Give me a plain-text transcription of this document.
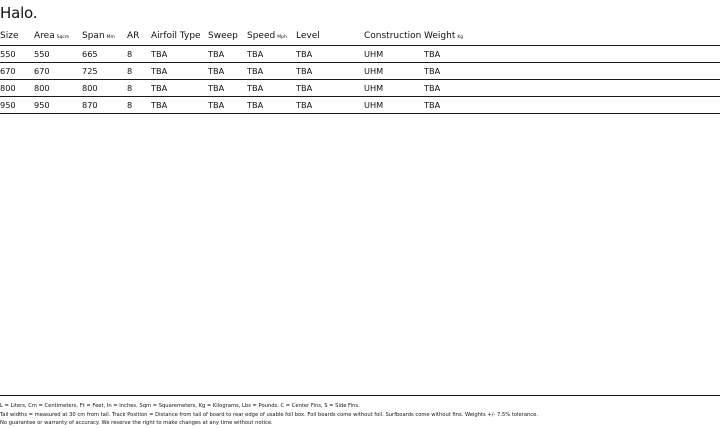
Halo.
Size	Area Sqcm	Span Mm	AR	Airfoil Type	Sweep	Speed Mph	Level	Construction	Weight Kg
550	550	665	8	TBA	TBA	TBA	TBA	UHM	TBA
670	670	725	8	TBA	TBA	TBA	TBA	UHM	TBA
800	800	800	8	TBA	TBA	TBA	TBA	UHM	TBA
950	950	870	8	TBA	TBA	TBA	TBA	UHM	TBA

L = Liters, Cm = Centimeters, Ft = Feet, In = Inches, Sqm = Squaremeters, Kg = Kilograms, Lbs = Pounds, C = Center Fins, S = Side Fins.

Tail widths = measured at 30 cm from tail. Track Position = Distance from tail of board to rear edge of usable foil box. Foil boards come without foil. Surfboards come without fins. Weights +/- 7.5% tolerance.

No guarantee or warranty of accuracy. We reserve the right to make changes at any time without notice.
